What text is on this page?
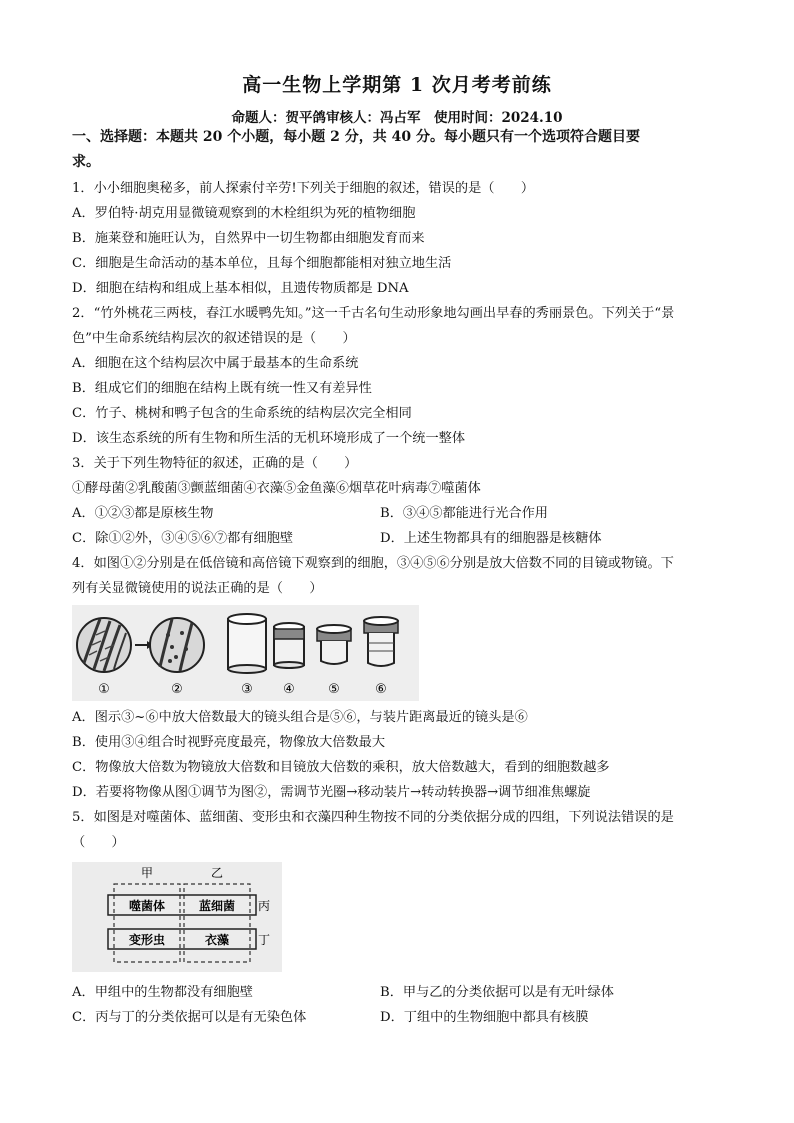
高一生物上学期第 1 次月考考前练
命题人：贺平鸽审核人：冯占军　使用时间：2024.10
一、选择题：本题共 20 个小题，每小题 2 分，共 40 分。每小题只有一个选项符合题目要
求。
1．小小细胞奥秘多，前人探索付辛劳!下列关于细胞的叙述，错误的是（　　）
A．罗伯特·胡克用显微镜观察到的木栓组织为死的植物细胞
B．施莱登和施旺认为，自然界中一切生物都由细胞发育而来
C．细胞是生命活动的基本单位，且每个细胞都能相对独立地生活
D．细胞在结构和组成上基本相似，且遗传物质都是 DNA
2．“竹外桃花三两枝，春江水暖鸭先知。”这一千古名句生动形象地勾画出早春的秀丽景色。下列关于“景
色”中生命系统结构层次的叙述错误的是（　　）
A．细胞在这个结构层次中属于最基本的生命系统
B．组成它们的细胞在结构上既有统一性又有差异性
C．竹子、桃树和鸭子包含的生命系统的结构层次完全相同
D．该生态系统的所有生物和所生活的无机环境形成了一个统一整体
3．关于下列生物特征的叙述，正确的是（　　）
①酵母菌②乳酸菌③颤蓝细菌④衣藻⑤金鱼藻⑥烟草花叶病毒⑦噬菌体
A．①②③都是原核生物	B．③④⑤都能进行光合作用
C．除①②外，③④⑤⑥⑦都有细胞壁	D．上述生物都具有的细胞器是核糖体
4．如图①②分别是在低倍镜和高倍镜下观察到的细胞，③④⑤⑥分别是放大倍数不同的目镜或物镜。下
列有关显微镜使用的说法正确的是（　　）
①	②	③ ④	⑤	⑥
A．图示③~⑥中放大倍数最大的镜头组合是⑤⑥，与装片距离最近的镜头是⑥
B．使用③④组合时视野亮度最亮，物像放大倍数最大
C．物像放大倍数为物镜放大倍数和目镜放大倍数的乘积，放大倍数越大，看到的细胞数越多
D．若要将物像从图①调节为图②，需调节光圈→移动装片→转动转换器→调节细准焦螺旋
5．如图是对噬菌体、蓝细菌、变形虫和衣藻四种生物按不同的分类依据分成的四组，下列说法错误的是
（　　）
甲	乙
丙
丁
噬菌体	蓝细菌
变形虫	衣藻
A．甲组中的生物都没有细胞壁	B．甲与乙的分类依据可以是有无叶绿体
C．丙与丁的分类依据可以是有无染色体	D．丁组中的生物细胞中都具有核膜
